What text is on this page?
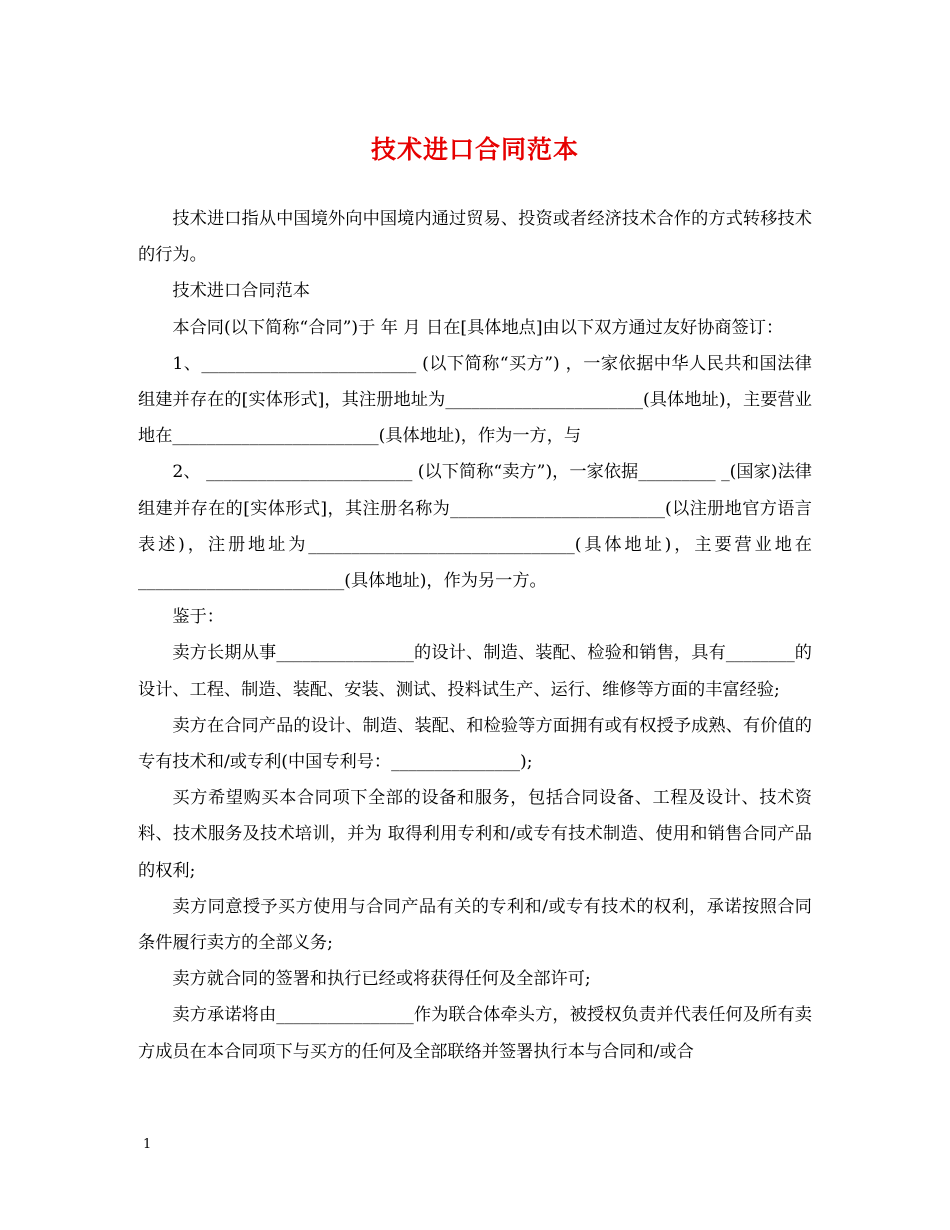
技术进口合同范本

技术进口指从中国境外向中国境内通过贸易、投资或者经济技术合作的方式转移技术的行为。

技术进口合同范本

本合同(以下简称“合同”)于 年 月 日在[具体地点]由以下双方通过友好协商签订：

1、_________________________ (以下简称“买方”) ，一家依据中华人民共和国法律组建并存在的[实体形式]，其注册地址为_______________________(具体地址)，主要营业地在________________________(具体地址)，作为一方，与

2、 ________________________ (以下简称“卖方”)，一家依据_________ _(国家)法律组建并存在的[实体形式]，其注册名称为_________________________(以注册地官方语言表述)，注册地址为_______________________________(具体地址)，主要营业地在________________________(具体地址)，作为另一方。

鉴于：

卖方长期从事________________的设计、制造、装配、检验和销售，具有________的设计、工程、制造、装配、安装、测试、投料试生产、运行、维修等方面的丰富经验;

卖方在合同产品的设计、制造、装配、和检验等方面拥有或有权授予成熟、有价值的专有技术和/或专利(中国专利号：_______________);

买方希望购买本合同项下全部的设备和服务，包括合同设备、工程及设计、技术资料、技术服务及技术培训，并为 取得利用专利和/或专有技术制造、使用和销售合同产品的权利;

卖方同意授予买方使用与合同产品有关的专利和/或专有技术的权利，承诺按照合同条件履行卖方的全部义务;

卖方就合同的签署和执行已经或将获得任何及全部许可;

卖方承诺将由________________作为联合体牵头方，被授权负责并代表任何及所有卖方成员在本合同项下与买方的任何及全部联络并签署执行本与合同和/或合

1
